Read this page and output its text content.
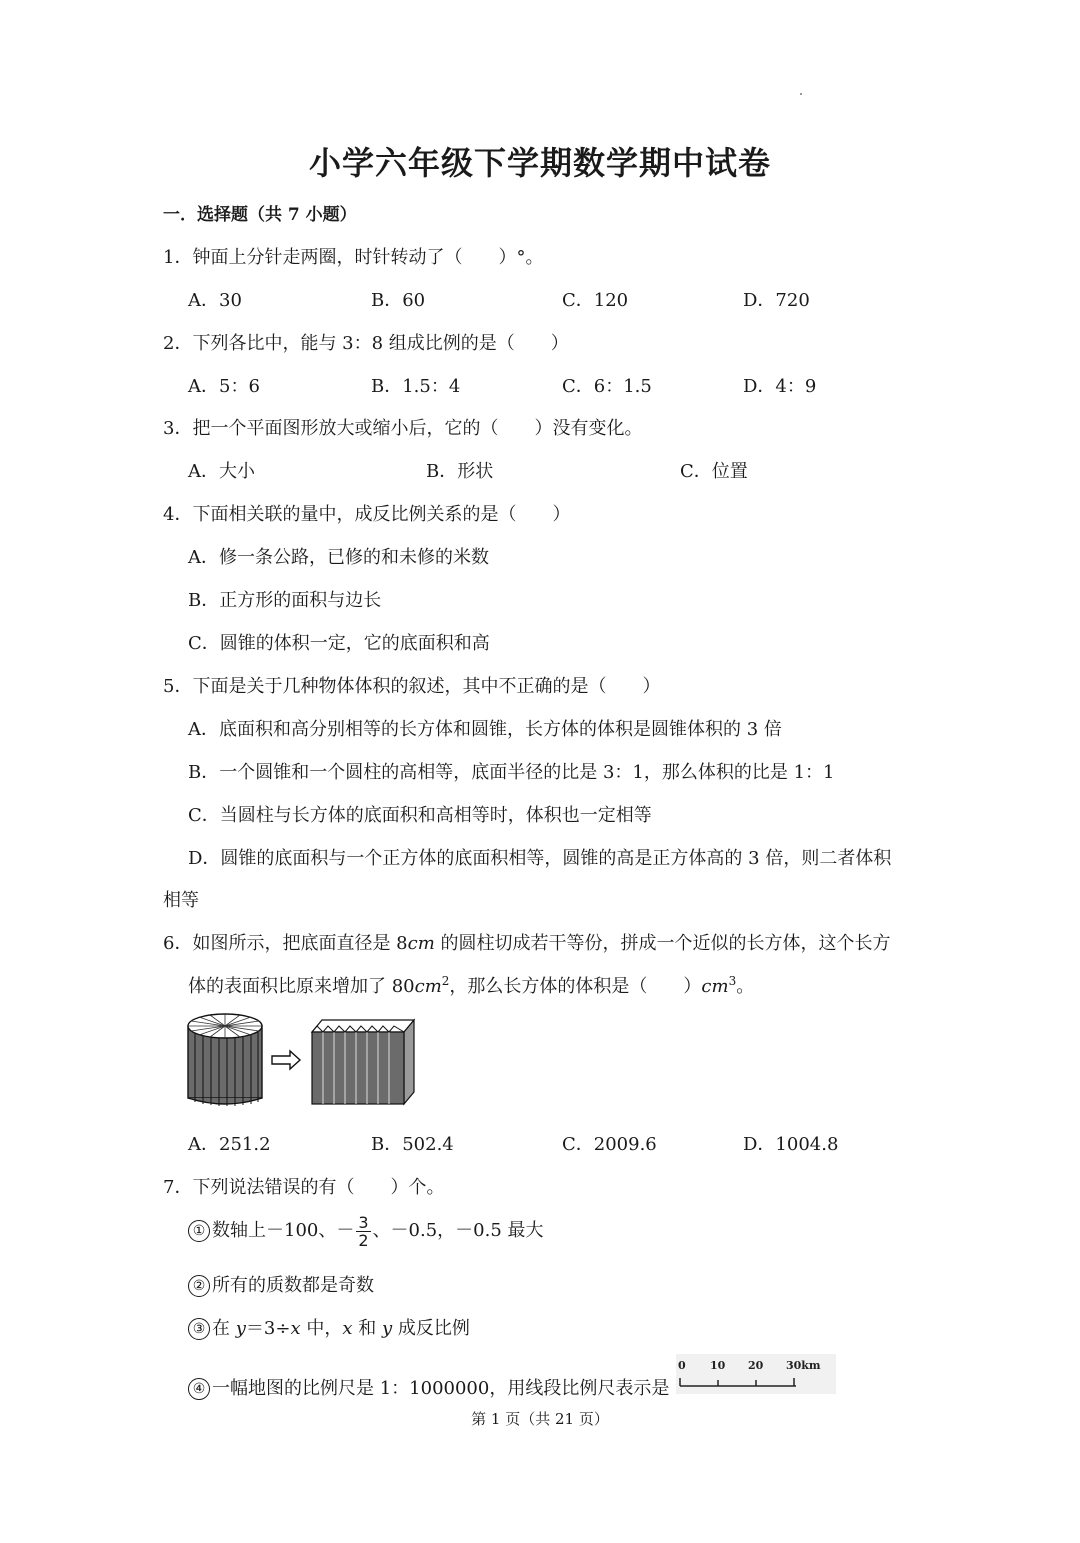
小学六年级下学期数学期中试卷
一．选择题（共 7 小题）
1．钟面上分针走两圈，时针转动了（　　）°。
A．30	B．60	C．120	D．720
2．下列各比中，能与 3：8 组成比例的是（　　）
A．5：6	B．1.5：4	C．6：1.5	D．4：9
3．把一个平面图形放大或缩小后，它的（　　）没有变化。
A．大小	B．形状	C．位置
4．下面相关联的量中，成反比例关系的是（　　）
A．修一条公路，已修的和未修的米数
B．正方形的面积与边长
C．圆锥的体积一定，它的底面积和高
5．下面是关于几种物体体积的叙述，其中不正确的是（　　）
A．底面积和高分别相等的长方体和圆锥，长方体的体积是圆锥体积的 3 倍
B．一个圆锥和一个圆柱的高相等，底面半径的比是 3：1，那么体积的比是 1：1
C．当圆柱与长方体的底面积和高相等时，体积也一定相等
D．圆锥的底面积与一个正方体的底面积相等，圆锥的高是正方体高的 3 倍，则二者体积
相等
6．如图所示，把底面直径是 8cm 的圆柱切成若干等份，拼成一个近似的长方体，这个长方
体的表面积比原来增加了 $80cm^2$，那么长方体的体积是（　　）$cm^3$。
A．251.2	B．502.4	C．2009.6	D．1004.8
7．下列说法错误的有（　　）个。
① 数轴上－100、－ $\frac{3}{2}$ 、－0.5，－0.5 最大
② 所有的质数都是奇数
③ 在 y＝3÷x 中，x 和 y 成反比例
④ 一幅地图的比例尺是 1：1000000，用线段比例尺表示是
0 10 20 30km
第 1 页（共 21 页）
